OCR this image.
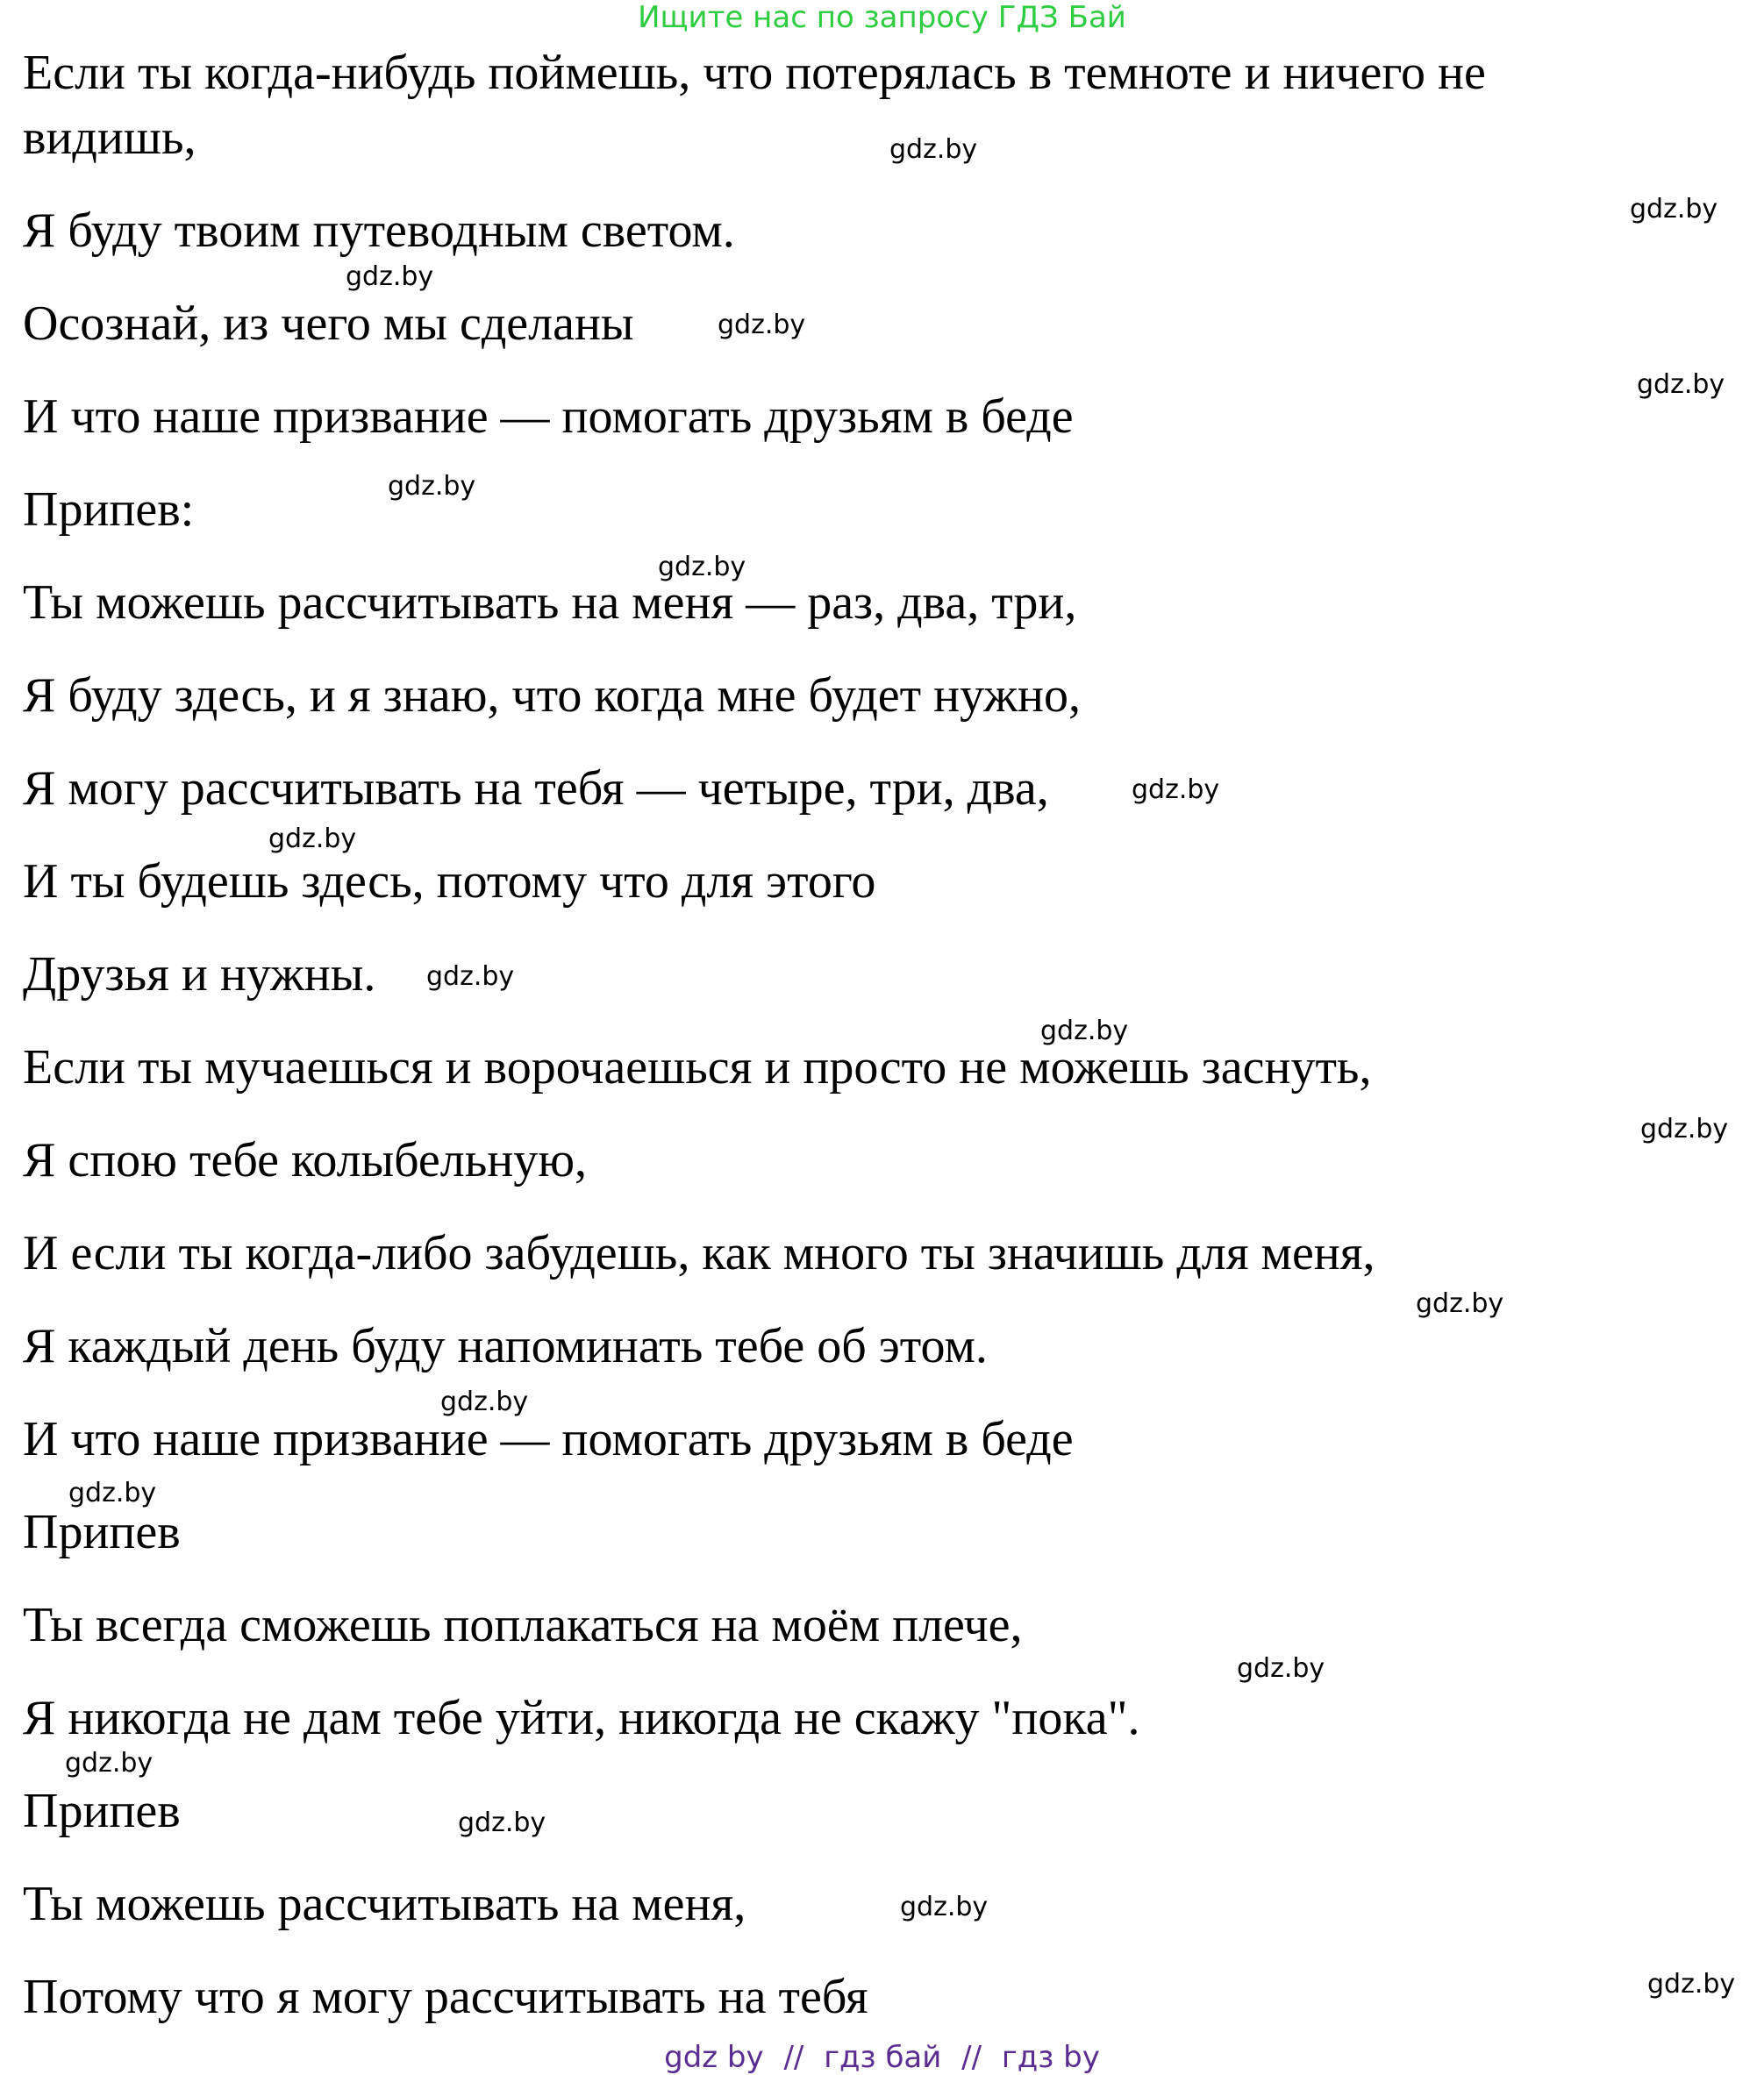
Ищите нас по запросу ГДЗ Бай
Если ты когда-нибудь поймешь, что потерялась в темноте и ничего не
видишь,
Я буду твоим путеводным светом.
Осознай, из чего мы сделаны
И что наше призвание — помогать друзьям в беде
Припев:
Ты можешь рассчитывать на меня — раз, два, три,
Я буду здесь, и я знаю, что когда мне будет нужно,
Я могу рассчитывать на тебя — четыре, три, два,
И ты будешь здесь, потому что для этого
Друзья и нужны.
Если ты мучаешься и ворочаешься и просто не можешь заснуть,
Я спою тебе колыбельную,
И если ты когда-либо забудешь, как много ты значишь для меня,
Я каждый день буду напоминать тебе об этом.
И что наше призвание — помогать друзьям в беде
Припев
Ты всегда сможешь поплакаться на моём плече,
Я никогда не дам тебе уйти, никогда не скажу "пока".
Припев
Ты можешь рассчитывать на меня,
Потому что я могу рассчитывать на тебя
gdz.by
gdz.by
gdz.by
gdz.by
gdz.by
gdz.by
gdz.by
gdz.by
gdz.by
gdz.by
gdz.by
gdz.by
gdz.by
gdz.by
gdz.by
gdz.by
gdz.by
gdz.by
gdz.by
gdz.by
gdz by // гдз бай // гдз by
